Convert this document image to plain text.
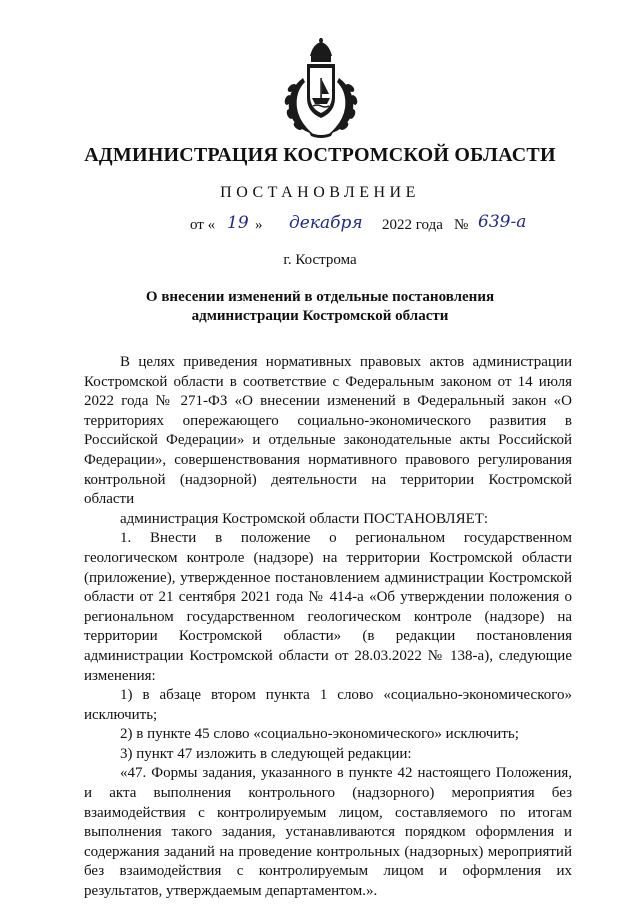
АДМИНИСТРАЦИЯ КОСТРОМСКОЙ ОБЛАСТИ
ПОСТАНОВЛЕНИЕ
от « 19 » декабря 2022 года № 639-а
г. Кострома
О внесении изменений в отдельные постановления администрации Костромской области

В целях приведения нормативных правовых актов администрации Костромской области в соответствие с Федеральным законом от 14 июля 2022 года № 271-ФЗ «О внесении изменений в Федеральный закон «О территориях опережающего социально-экономического развития в Российской Федерации» и отдельные законодательные акты Российской Федерации», совершенствования нормативного правового регулирования контрольной (надзорной) деятельности на территории Костромской области

администрация Костромской области ПОСТАНОВЛЯЕТ:

1. Внести в положение о региональном государственном геологическом контроле (надзоре) на территории Костромской области (приложение), утвержденное постановлением администрации Костромской области от 21 сентября 2021 года № 414-а «Об утверждении положения о региональном государственном геологическом контроле (надзоре) на территории Костромской области» (в редакции постановления администрации Костромской области от 28.03.2022 № 138-а), следующие изменения:

1) в абзаце втором пункта 1 слово «социально-экономического» исключить;

2) в пункте 45 слово «социально-экономического» исключить;

3) пункт 47 изложить в следующей редакции:

«47. Формы задания, указанного в пункте 42 настоящего Положения, и акта выполнения контрольного (надзорного) мероприятия без взаимодействия с контролируемым лицом, составляемого по итогам выполнения такого задания, устанавливаются порядком оформления и содержания заданий на проведение контрольных (надзорных) мероприятий без взаимодействия с контролируемым лицом и оформления их результатов, утверждаемым департаментом.».
